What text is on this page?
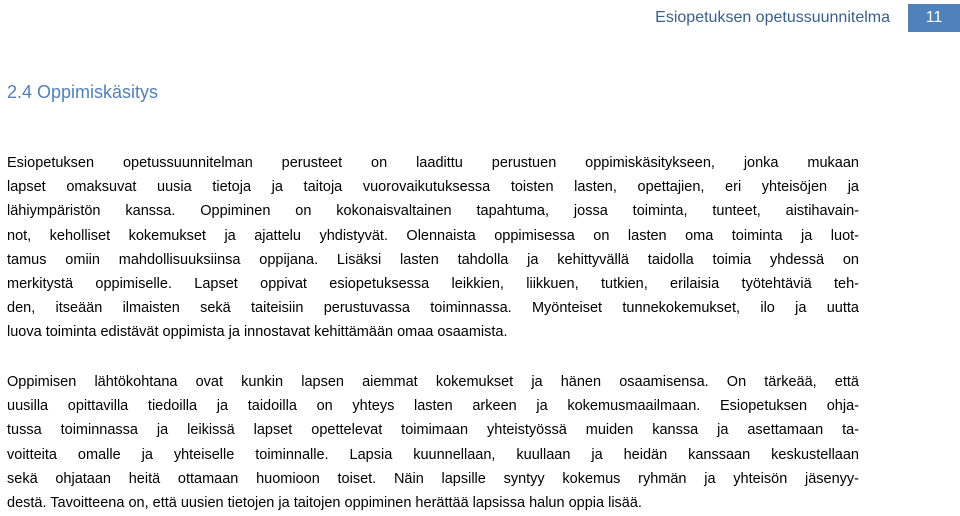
Esiopetuksen opetussuunnitelma	11
2.4 Oppimiskäsitys
Esiopetuksen opetussuunnitelman perusteet on laadittu perustuen oppimiskäsitykseen, jonka mukaan
lapset omaksuvat uusia tietoja ja taitoja vuorovaikutuksessa toisten lasten, opettajien, eri yhteisöjen ja
lähiympäristön kanssa. Oppiminen on kokonaisvaltainen tapahtuma, jossa toiminta, tunteet, aistihavain-
not, keholliset kokemukset ja ajattelu yhdistyvät. Olennaista oppimisessa on lasten oma toiminta ja luot-
tamus omiin mahdollisuuksiinsa oppijana. Lisäksi lasten tahdolla ja kehittyvällä taidolla toimia yhdessä on
merkitystä oppimiselle. Lapset oppivat esiopetuksessa leikkien, liikkuen, tutkien, erilaisia työtehtäviä teh-
den, itseään ilmaisten sekä taiteisiin perustuvassa toiminnassa. Myönteiset tunnekokemukset, ilo ja uutta
luova toiminta edistävät oppimista ja innostavat kehittämään omaa osaamista.
Oppimisen lähtökohtana ovat kunkin lapsen aiemmat kokemukset ja hänen osaamisensa. On tärkeää, että
uusilla opittavilla tiedoilla ja taidoilla on yhteys lasten arkeen ja kokemusmaailmaan. Esiopetuksen ohja-
tussa toiminnassa ja leikissä lapset opettelevat toimimaan yhteistyössä muiden kanssa ja asettamaan ta-
voitteita omalle ja yhteiselle toiminnalle. Lapsia kuunnellaan, kuullaan ja heidän kanssaan keskustellaan
sekä ohjataan heitä ottamaan huomioon toiset. Näin lapsille syntyy kokemus ryhmän ja yhteisön jäsenyy-
destä. Tavoitteena on, että uusien tietojen ja taitojen oppiminen herättää lapsissa halun oppia lisää.
